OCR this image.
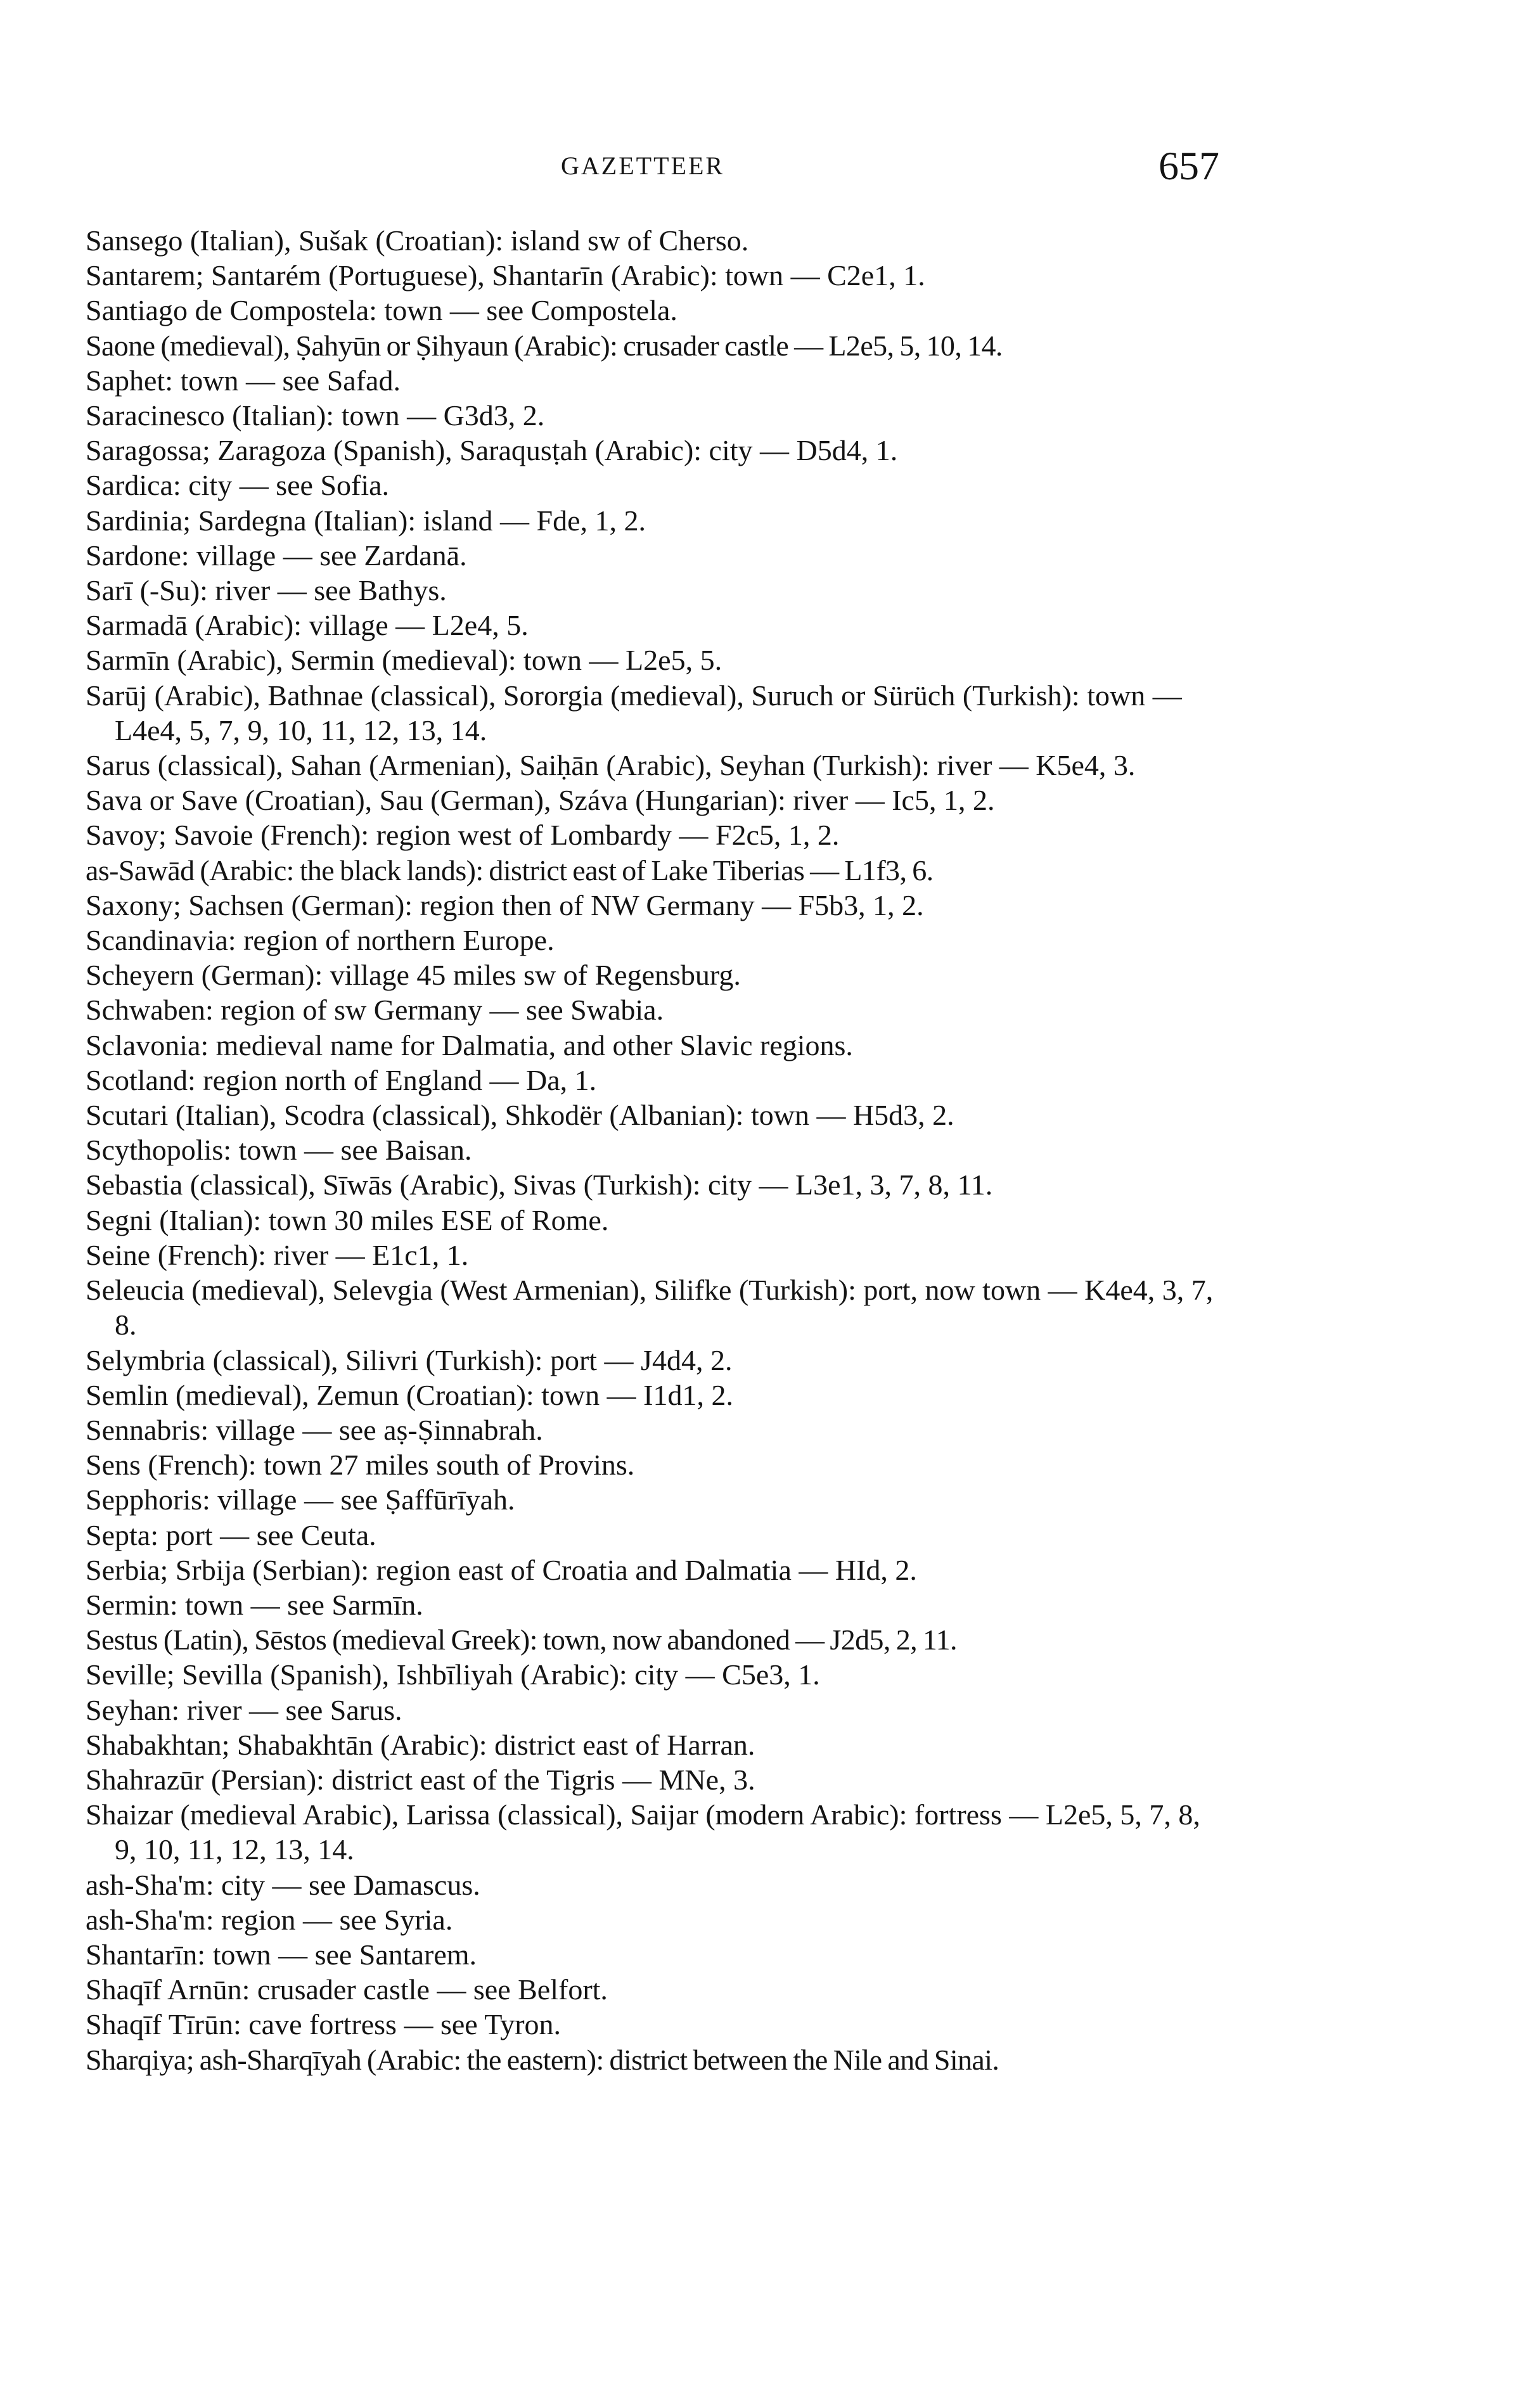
GAZETTEER	657
Sansego (Italian), Sušak (Croatian): island sw of Cherso.
Santarem; Santarém (Portuguese), Shantarīn (Arabic): town — C2e1, 1.
Santiago de Compostela: town — see Compostela.
Saone (medieval), Ṣahyūn or Ṣihyaun (Arabic): crusader castle — L2e5, 5, 10, 14.
Saphet: town — see Safad.
Saracinesco (Italian): town — G3d3, 2.
Saragossa; Zaragoza (Spanish), Saraqusṭah (Arabic): city — D5d4, 1.
Sardica: city — see Sofia.
Sardinia; Sardegna (Italian): island — Fde, 1, 2.
Sardone: village — see Zardanā.
Sarī (-Su): river — see Bathys.
Sarmadā (Arabic): village — L2e4, 5.
Sarmīn (Arabic), Sermin (medieval): town — L2e5, 5.
Sarūj (Arabic), Bathnae (classical), Sororgia (medieval), Suruch or Sürüch (Turkish): town — L4e4, 5, 7, 9, 10, 11, 12, 13, 14.
Sarus (classical), Sahan (Armenian), Saiḥān (Arabic), Seyhan (Turkish): river — K5e4, 3.
Sava or Save (Croatian), Sau (German), Száva (Hungarian): river — Ic5, 1, 2.
Savoy; Savoie (French): region west of Lombardy — F2c5, 1, 2.
as-Sawād (Arabic: the black lands): district east of Lake Tiberias — L1f3, 6.
Saxony; Sachsen (German): region then of NW Germany — F5b3, 1, 2.
Scandinavia: region of northern Europe.
Scheyern (German): village 45 miles sw of Regensburg.
Schwaben: region of sw Germany — see Swabia.
Sclavonia: medieval name for Dalmatia, and other Slavic regions.
Scotland: region north of England — Da, 1.
Scutari (Italian), Scodra (classical), Shkodër (Albanian): town — H5d3, 2.
Scythopolis: town — see Baisan.
Sebastia (classical), Sīwās (Arabic), Sivas (Turkish): city — L3e1, 3, 7, 8, 11.
Segni (Italian): town 30 miles ESE of Rome.
Seine (French): river — E1c1, 1.
Seleucia (medieval), Selevgia (West Armenian), Silifke (Turkish): port, now town — K4e4, 3, 7, 8.
Selymbria (classical), Silivri (Turkish): port — J4d4, 2.
Semlin (medieval), Zemun (Croatian): town — I1d1, 2.
Sennabris: village — see aṣ-Ṣinnabrah.
Sens (French): town 27 miles south of Provins.
Sepphoris: village — see Ṣaffūrīyah.
Septa: port — see Ceuta.
Serbia; Srbija (Serbian): region east of Croatia and Dalmatia — HId, 2.
Sermin: town — see Sarmīn.
Sestus (Latin), Sēstos (medieval Greek): town, now abandoned — J2d5, 2, 11.
Seville; Sevilla (Spanish), Ishbīliyah (Arabic): city — C5e3, 1.
Seyhan: river — see Sarus.
Shabakhtan; Shabakhtān (Arabic): district east of Harran.
Shahrazūr (Persian): district east of the Tigris — MNe, 3.
Shaizar (medieval Arabic), Larissa (classical), Saijar (modern Arabic): fortress — L2e5, 5, 7, 8, 9, 10, 11, 12, 13, 14.
ash-Sha'm: city — see Damascus.
ash-Sha'm: region — see Syria.
Shantarīn: town — see Santarem.
Shaqīf Arnūn: crusader castle — see Belfort.
Shaqīf Tīrūn: cave fortress — see Tyron.
Sharqiya; ash-Sharqīyah (Arabic: the eastern): district between the Nile and Sinai.
